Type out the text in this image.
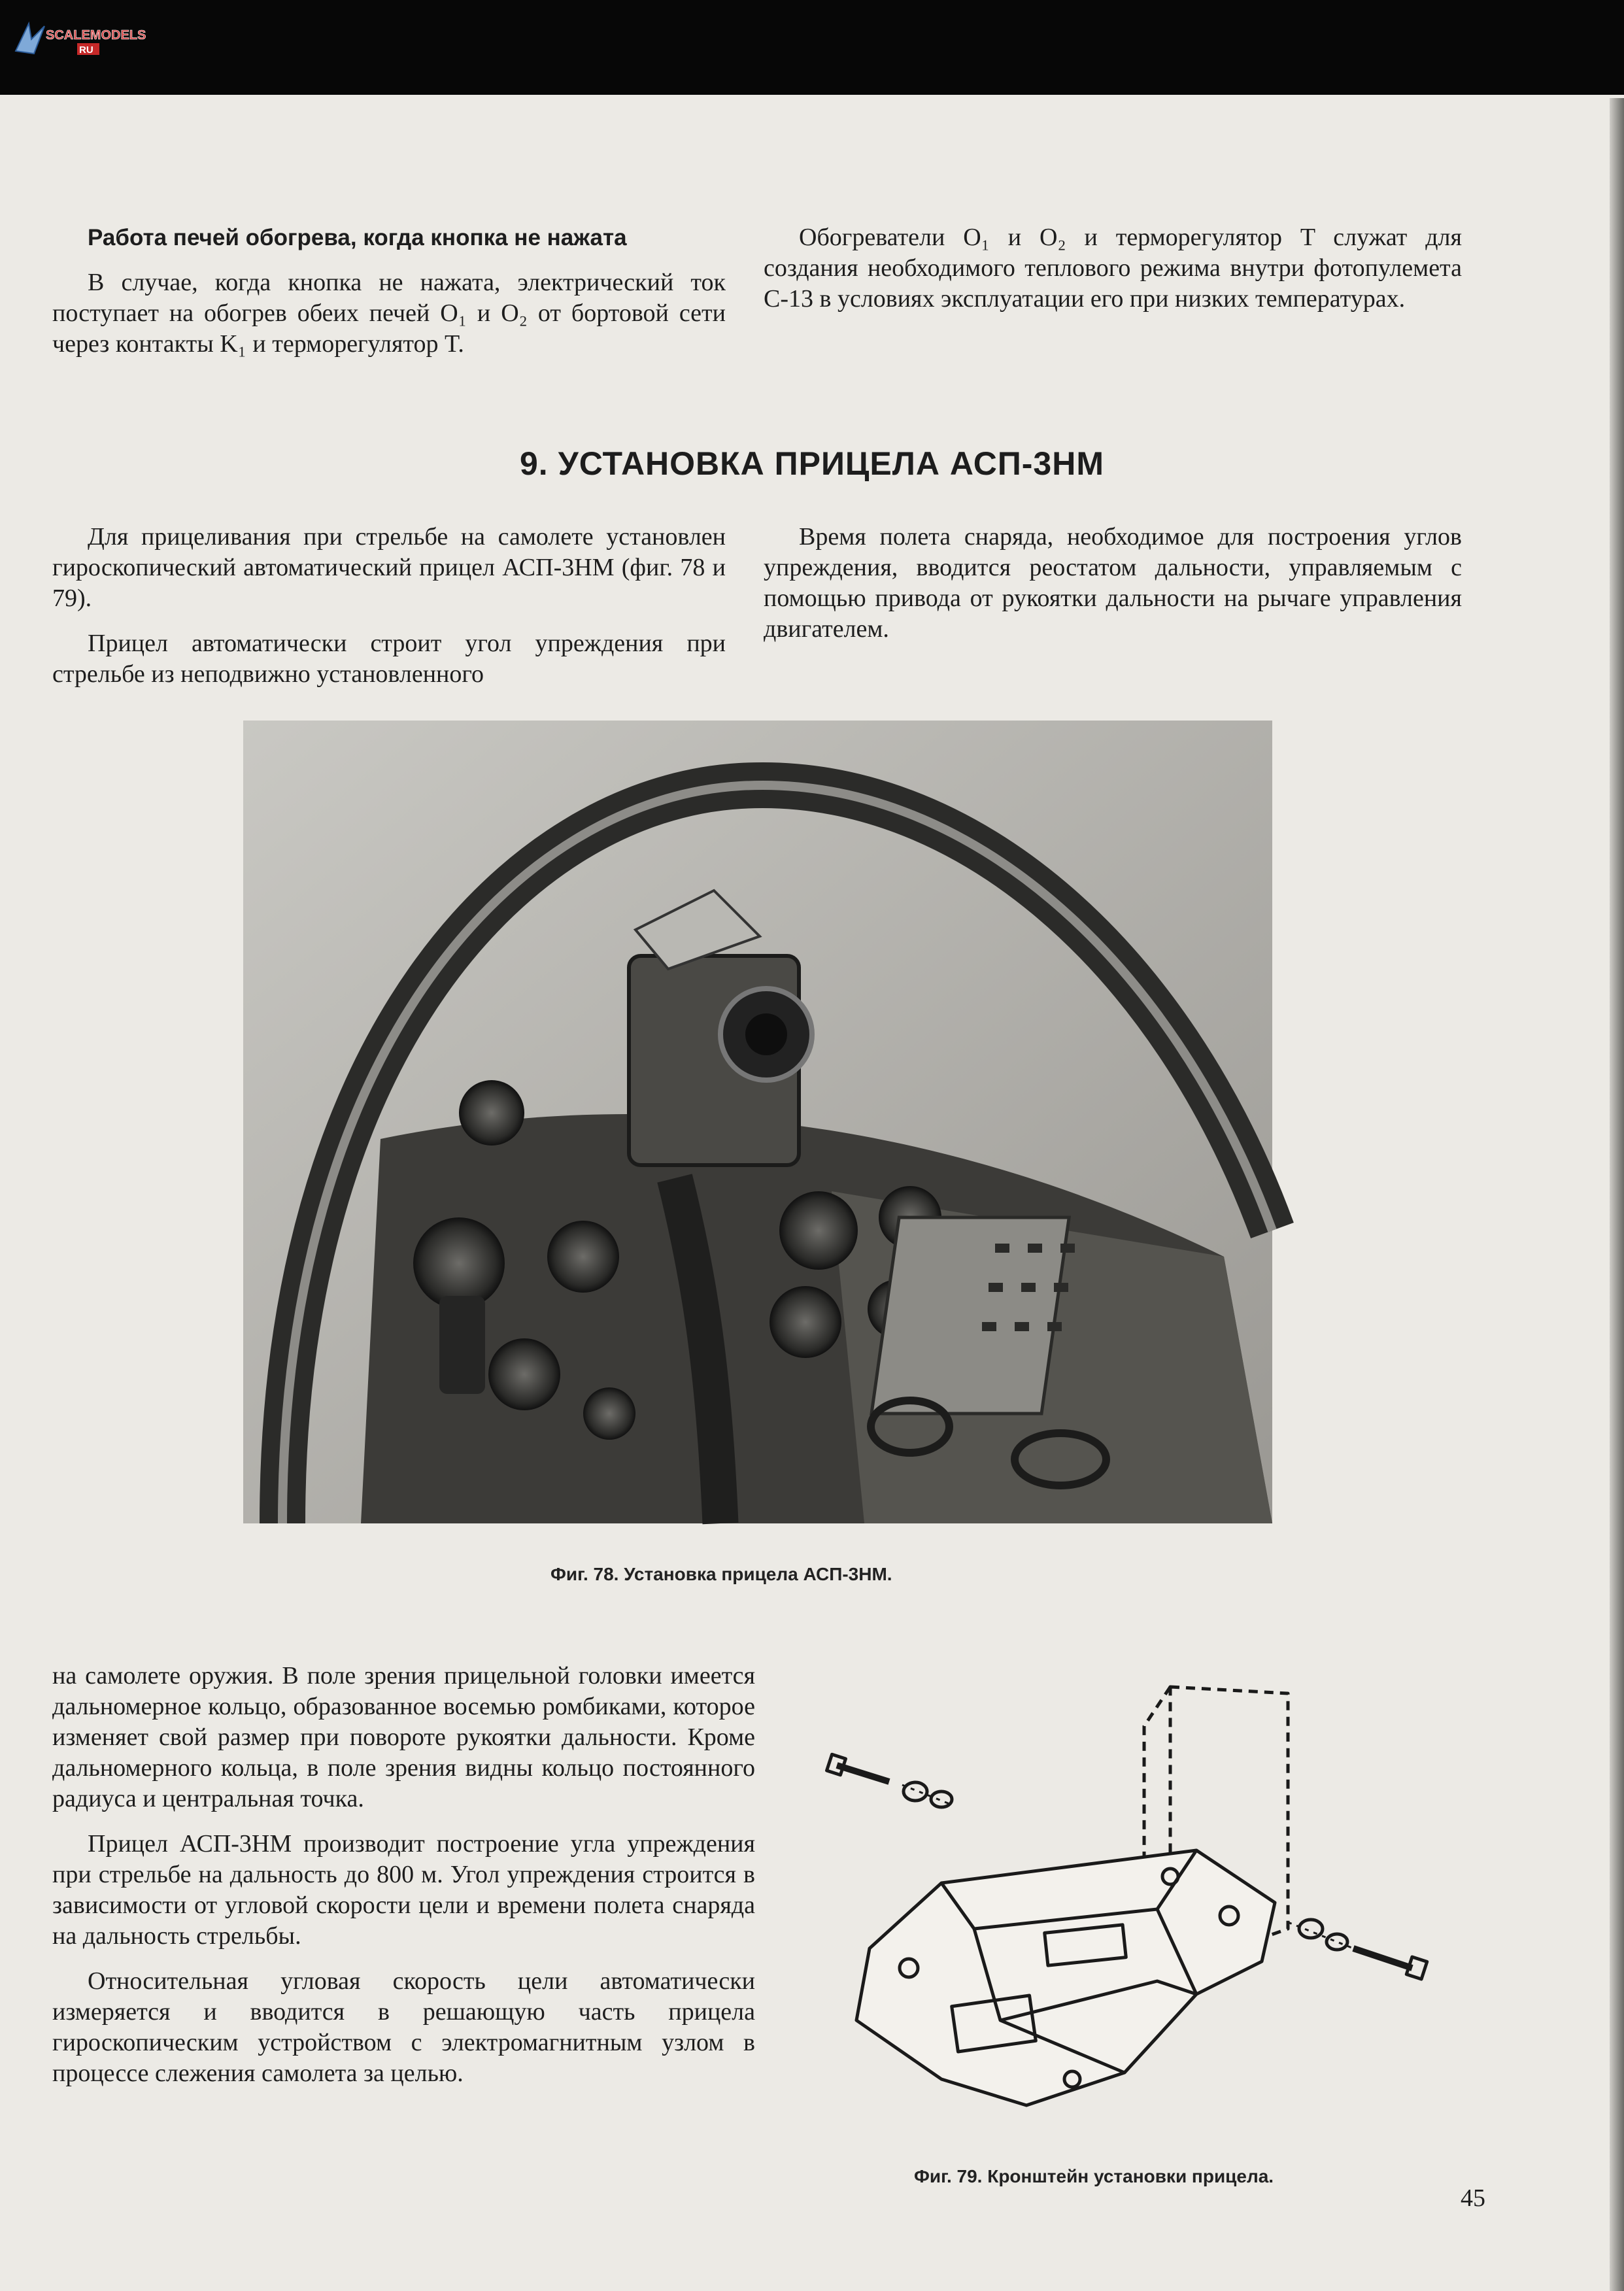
SCALEMODELS
RU

Работа печей обогрева, когда кнопка не нажата

В случае, когда кнопка не нажата, электрический ток поступает на обогрев обеих печей O₁ и O₂ от бортовой сети через контакты K₁ и терморегулятор T.

Обогреватели O₁ и O₂ и терморегулятор T служат для создания необходимого теплового режима внутри фотопулемета С-13 в условиях эксплуатации его при низких температурах.

9. УСТАНОВКА ПРИЦЕЛА АСП-3НМ

Для прицеливания при стрельбе на самолете установлен гироскопический автоматический прицел АСП-3НМ (фиг. 78 и 79).

Прицел автоматически строит угол упреждения при стрельбе из неподвижно установленного

Время полета снаряда, необходимое для построения углов упреждения, вводится реостатом дальности, управляемым с помощью привода от рукоятки дальности на рычаге управления двигателем.

Фиг. 78. Установка прицела АСП-3НМ.

на самолете оружия. В поле зрения прицельной головки имеется дальномерное кольцо, образованное восемью ромбиками, которое изменяет свой размер при повороте рукоятки дальности. Кроме дальномерного кольца, в поле зрения видны кольцо постоянного радиуса и центральная точка.

Прицел АСП-3НМ производит построение угла упреждения при стрельбе на дальность до 800 м. Угол упреждения строится в зависимости от угловой скорости цели и времени полета снаряда на дальность стрельбы.

Относительная угловая скорость цели автоматически измеряется и вводится в решающую часть прицела гироскопическим устройством с электромагнитным узлом в процессе слежения самолета за целью.

Фиг. 79. Кронштейн установки прицела.
45
